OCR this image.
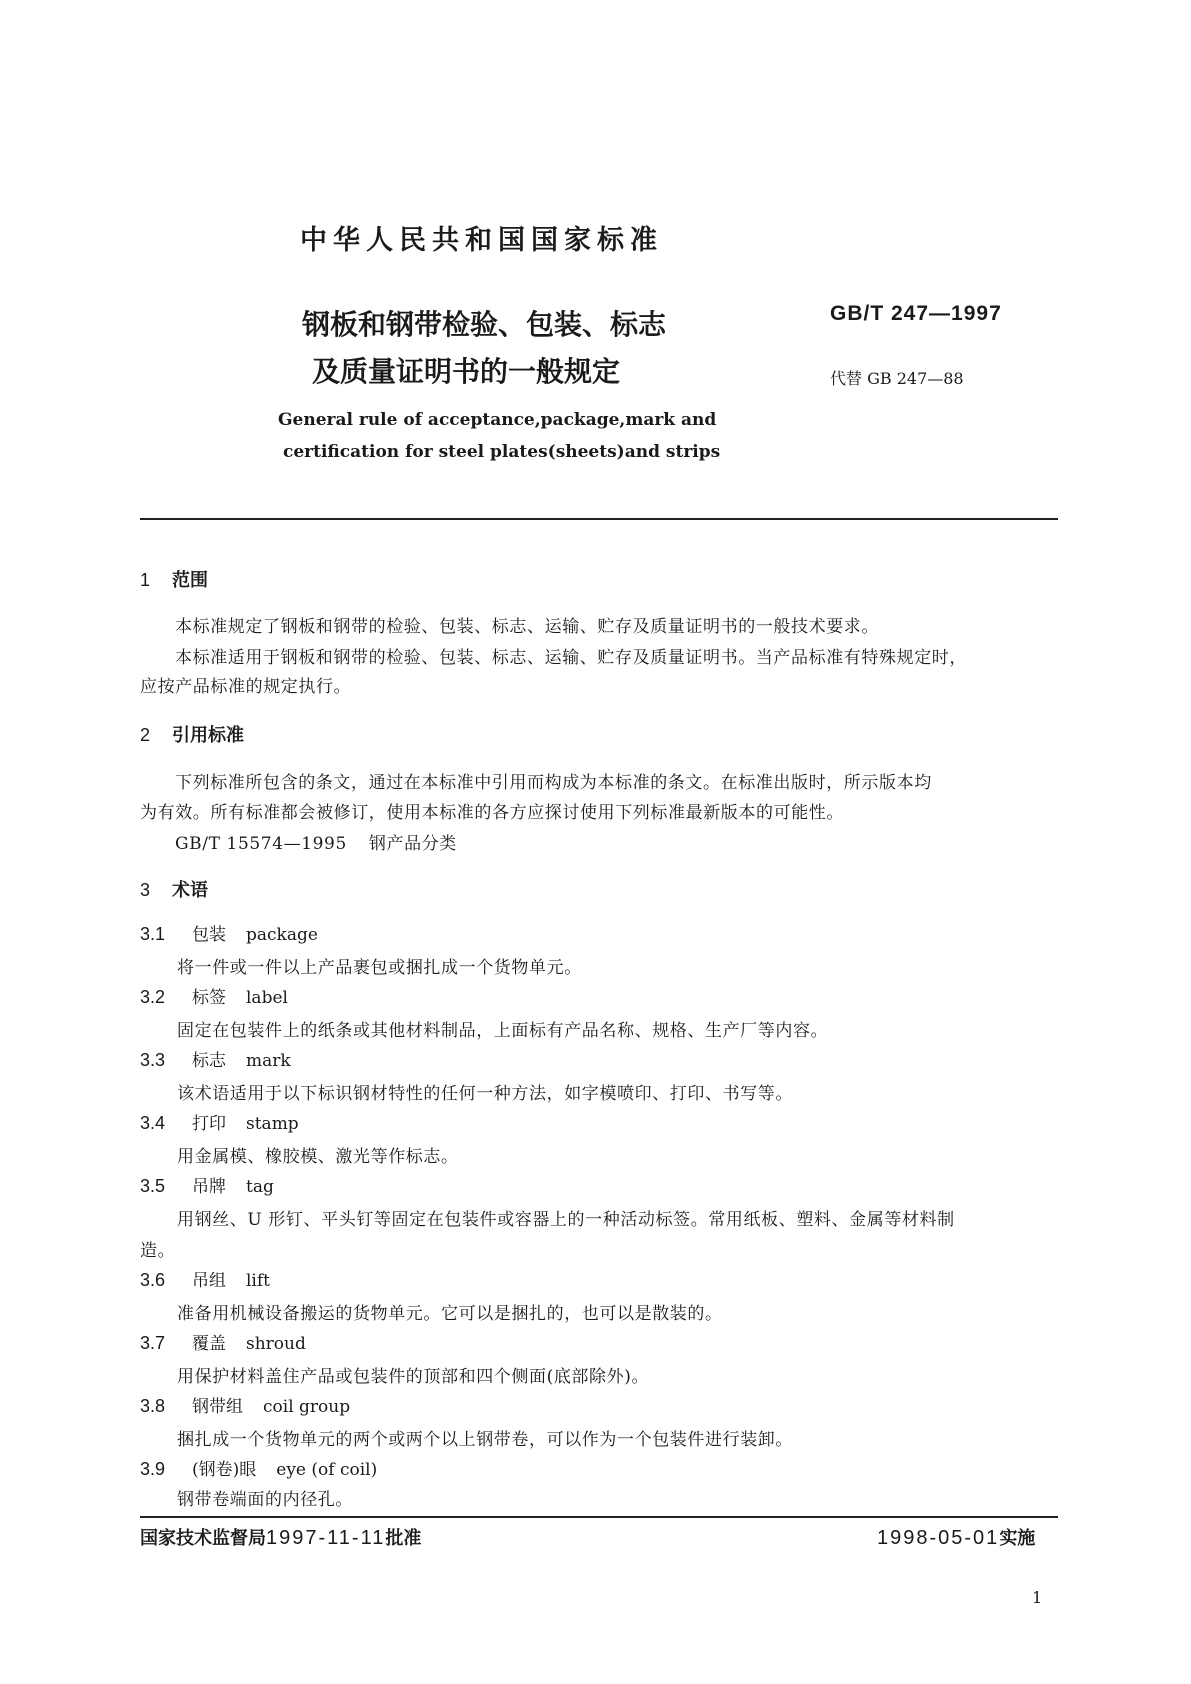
中华人民共和国国家标准
钢板和钢带检验、包装、标志
及质量证明书的一般规定
GB/T 247—1997
代替 GB 247—88
General rule of acceptance,package,mark and
certification for steel plates(sheets)and strips
1 范围
本标准规定了钢板和钢带的检验、包装、标志、运输、贮存及质量证明书的一般技术要求。
本标准适用于钢板和钢带的检验、包装、标志、运输、贮存及质量证明书。当产品标准有特殊规定时，
应按产品标准的规定执行。
2 引用标准
下列标准所包含的条文，通过在本标准中引用而构成为本标准的条文。在标准出版时，所示版本均
为有效。所有标准都会被修订，使用本标准的各方应探讨使用下列标准最新版本的可能性。
GB/T 15574—1995 钢产品分类
3 术语
3.1 包装 package
将一件或一件以上产品裹包或捆扎成一个货物单元。
3.2 标签 label
固定在包装件上的纸条或其他材料制品，上面标有产品名称、规格、生产厂等内容。
3.3 标志 mark
该术语适用于以下标识钢材特性的任何一种方法，如字模喷印、打印、书写等。
3.4 打印 stamp
用金属模、橡胶模、激光等作标志。
3.5 吊牌 tag
用钢丝、U 形钉、平头钉等固定在包装件或容器上的一种活动标签。常用纸板、塑料、金属等材料制
造。
3.6 吊组 lift
准备用机械设备搬运的货物单元。它可以是捆扎的，也可以是散装的。
3.7 覆盖 shroud
用保护材料盖住产品或包装件的顶部和四个侧面(底部除外)。
3.8 钢带组 coil group
捆扎成一个货物单元的两个或两个以上钢带卷，可以作为一个包装件进行装卸。
3.9 (钢卷)眼 eye (of coil)
钢带卷端面的内径孔。
国家技术监督局1997-11-11批准	1998-05-01实施
1
